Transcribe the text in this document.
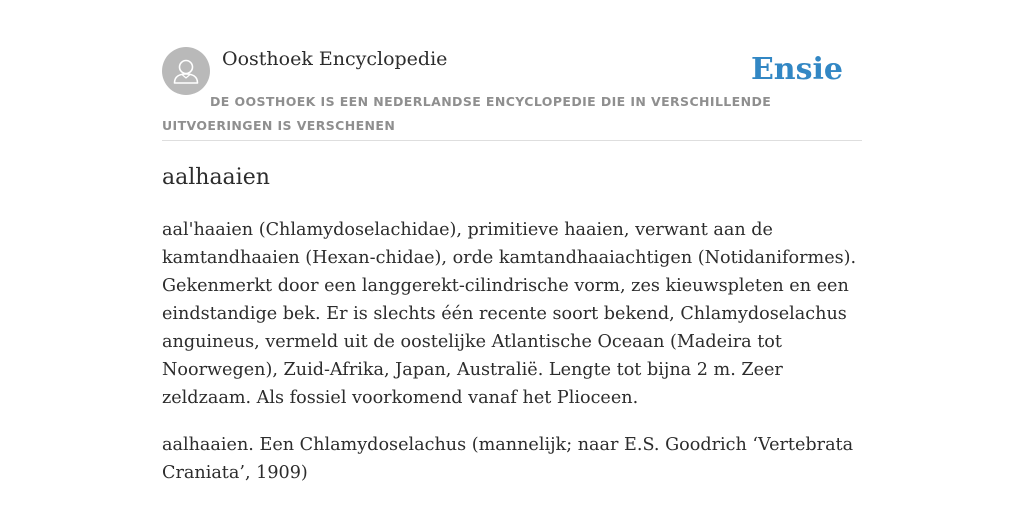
Oosthoek Encyclopedie	Ensie

DE OOSTHOEK IS EEN NEDERLANDSE ENCYCLOPEDIE DIE IN VERSCHILLENDE UITVOERINGEN IS VERSCHENEN

aalhaaien

aal'haaien (Chlamydoselachidae), primitieve haaien, verwant aan de kamtandhaaien (Hexan-chidae), orde kamtandhaaiachtigen (Notidaniformes). Gekenmerkt door een langgerekt-cilindrische vorm, zes kieuwspleten en een eindstandige bek. Er is slechts één recente soort bekend, Chlamydoselachus anguineus, vermeld uit de oostelijke Atlantische Oceaan (Madeira tot Noorwegen), Zuid-Afrika, Japan, Australië. Lengte tot bijna 2 m. Zeer zeldzaam. Als fossiel voorkomend vanaf het Plioceen.

aalhaaien. Een Chlamydoselachus (mannelijk; naar E.S. Goodrich ‘Vertebrata Craniata’, 1909)
